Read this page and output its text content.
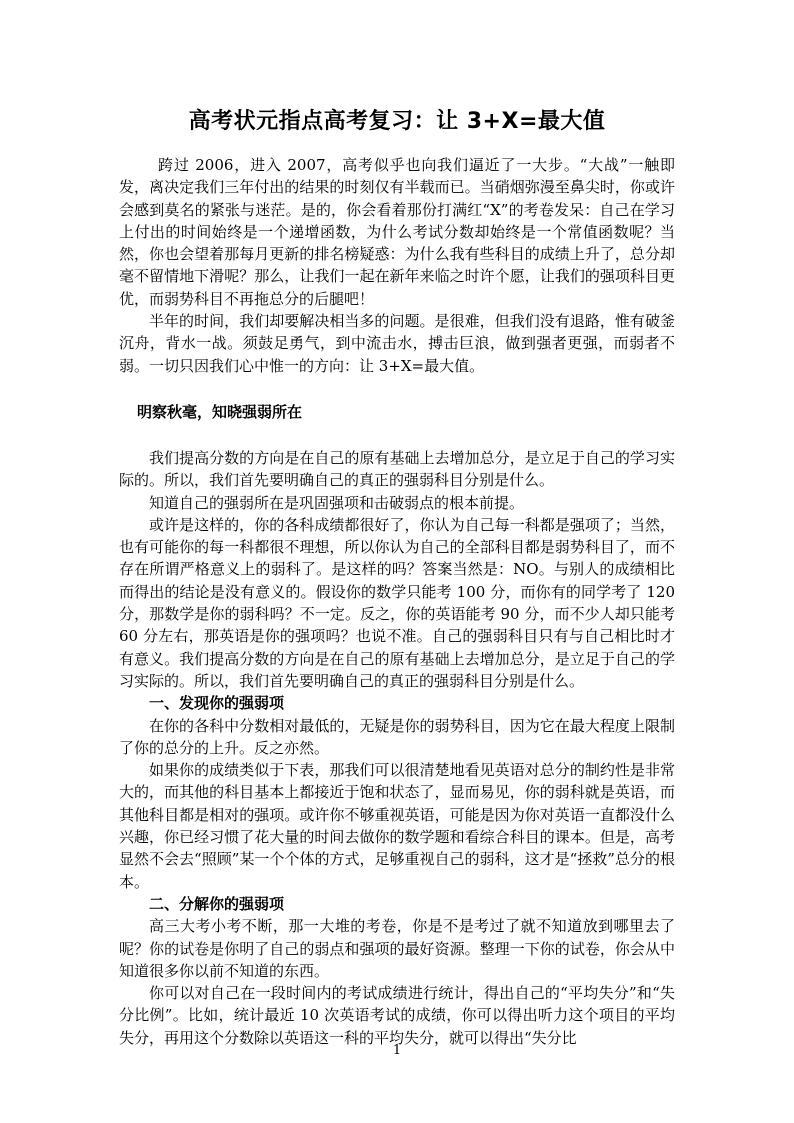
高考状元指点高考复习：让 3+X=最大值

跨过 2006，进入 2007，高考似乎也向我们逼近了一大步。“大战”一触即发，离决定我们三年付出的结果的时刻仅有半载而已。当硝烟弥漫至鼻尖时，你或许会感到莫名的紧张与迷茫。是的，你会看着那份打满红“X”的考卷发呆：自己在学习上付出的时间始终是一个递增函数，为什么考试分数却始终是一个常值函数呢？当然，你也会望着那每月更新的排名榜疑惑：为什么我有些科目的成绩上升了，总分却毫不留情地下滑呢？那么，让我们一起在新年来临之时许个愿，让我们的强项科目更优，而弱势科目不再拖总分的后腿吧！

半年的时间，我们却要解决相当多的问题。是很难，但我们没有退路，惟有破釜沉舟，背水一战。须鼓足勇气，到中流击水，搏击巨浪，做到强者更强，而弱者不弱。一切只因我们心中惟一的方向：让 3+X=最大值。

明察秋毫，知晓强弱所在

我们提高分数的方向是在自己的原有基础上去增加总分，是立足于自己的学习实际的。所以，我们首先要明确自己的真正的强弱科目分别是什么。

知道自己的强弱所在是巩固强项和击破弱点的根本前提。

或许是这样的，你的各科成绩都很好了，你认为自己每一科都是强项了；当然，也有可能你的每一科都很不理想，所以你认为自己的全部科目都是弱势科目了，而不存在所谓严格意义上的弱科了。是这样的吗？答案当然是：NO。与别人的成绩相比而得出的结论是没有意义的。假设你的数学只能考 100 分，而你有的同学考了 120 分，那数学是你的弱科吗？不一定。反之，你的英语能考 90 分，而不少人却只能考 60 分左右，那英语是你的强项吗？也说不准。自己的强弱科目只有与自己相比时才有意义。我们提高分数的方向是在自己的原有基础上去增加总分，是立足于自己的学习实际的。所以，我们首先要明确自己的真正的强弱科目分别是什么。

一、发现你的强弱项

在你的各科中分数相对最低的，无疑是你的弱势科目，因为它在最大程度上限制了你的总分的上升。反之亦然。

如果你的成绩类似于下表，那我们可以很清楚地看见英语对总分的制约性是非常大的，而其他的科目基本上都接近于饱和状态了，显而易见，你的弱科就是英语，而其他科目都是相对的强项。或许你不够重视英语，可能是因为你对英语一直都没什么兴趣，你已经习惯了花大量的时间去做你的数学题和看综合科目的课本。但是，高考显然不会去“照顾”某一个个体的方式，足够重视自己的弱科，这才是“拯救”总分的根本。

二、分解你的强弱项

高三大考小考不断，那一大堆的考卷，你是不是考过了就不知道放到哪里去了呢？你的试卷是你明了自己的弱点和强项的最好资源。整理一下你的试卷，你会从中知道很多你以前不知道的东西。

你可以对自己在一段时间内的考试成绩进行统计，得出自己的“平均失分”和“失分比例”。比如，统计最近 10 次英语考试的成绩，你可以得出听力这个项目的平均失分，再用这个分数除以英语这一科的平均失分，就可以得出“失分比

1
